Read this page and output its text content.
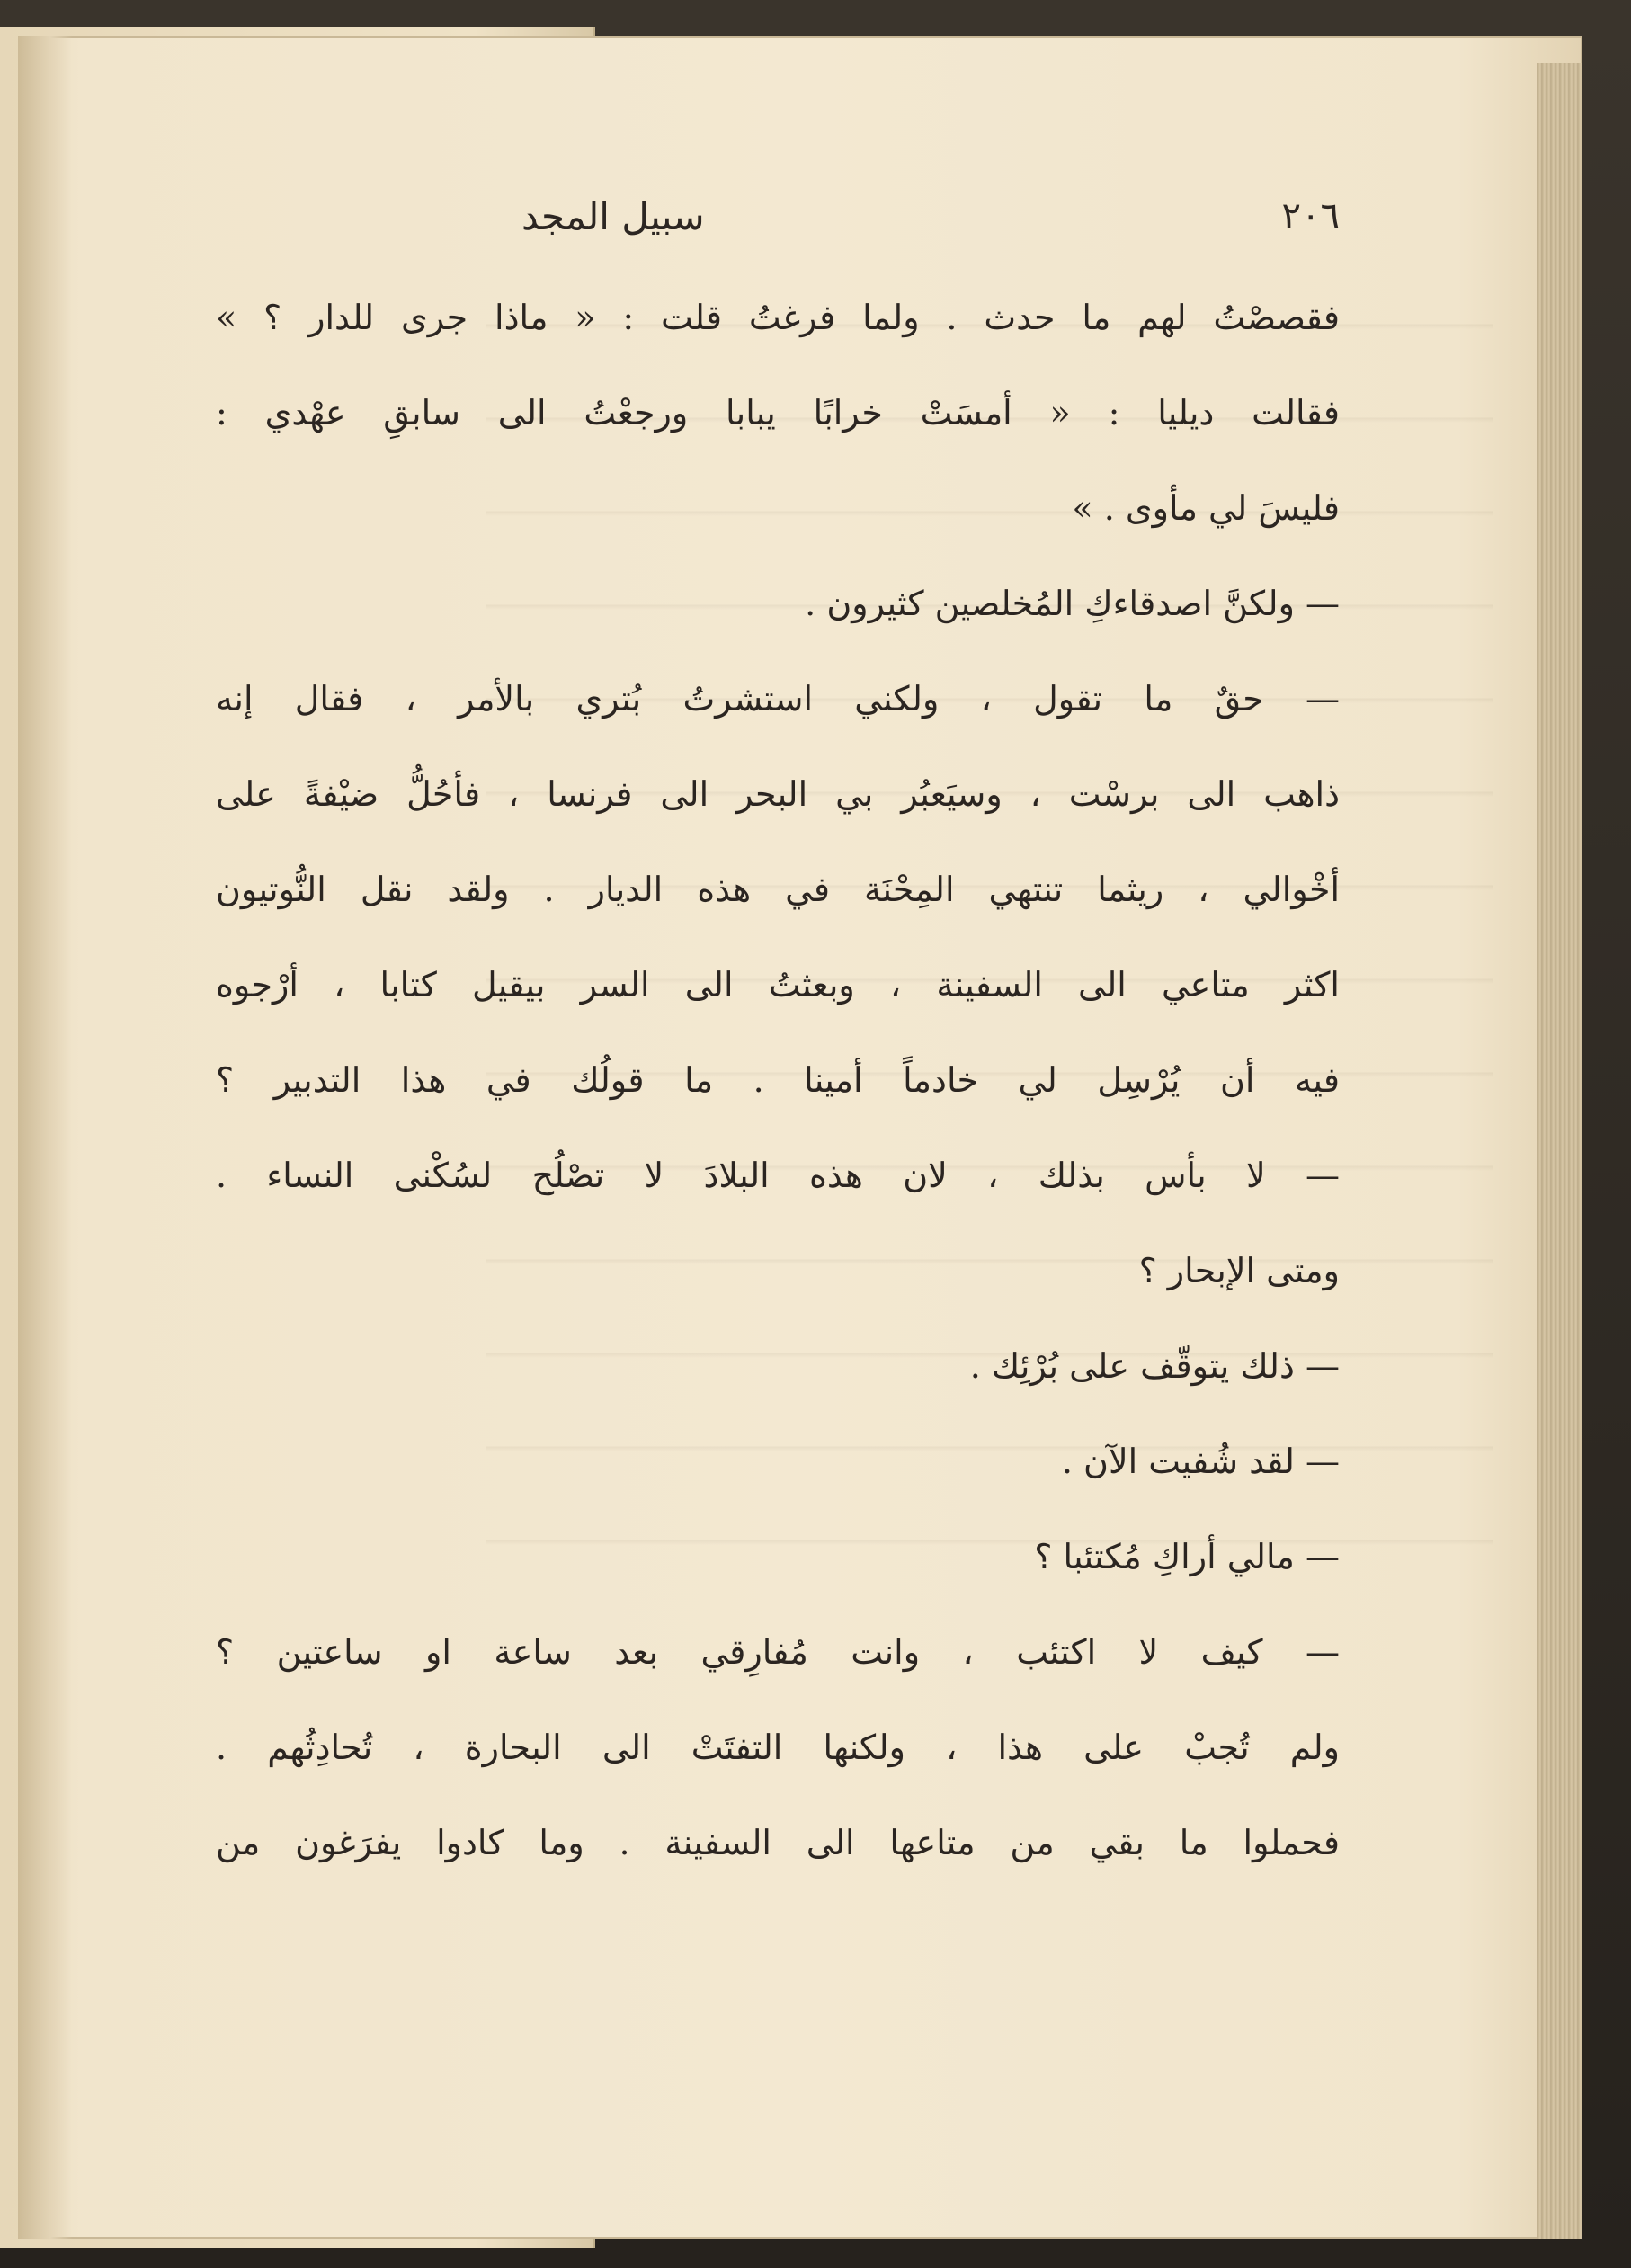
٢٠٦
سبيل المجد
فقصصْتُ لهم ما حدث . ولما فرغتُ قلت : « ماذا جرى للدار ؟ »
فقالت ديليا : « أمسَتْ خرابًا يبابا ورجعْتُ الى سابقِ عهْدي :
فليسَ لي مأوى . »
— ولكنَّ اصدقاءكِ المُخلصين كثيرون .
— حقٌ ما تقول ، ولكني استشرتُ بُتري بالأمر ، فقال إنه
ذاهب الى برسْت ، وسيَعبُر بي البحر الى فرنسا ، فأحُلُّ ضيْفةً على
أخْوالي ، ريثما تنتهي المِحْنَة في هذه الديار . ولقد نقل النُّوتيون
اكثر متاعي الى السفينة ، وبعثتُ الى السر بيقيل كتابا ، أرْجوه
فيه أن يُرْسِل لي خادماً أمينا . ما قولُك في هذا التدبير ؟
— لا بأس بذلك ، لان هذه البلادَ لا تصْلُح لسُكْنى النساء .
ومتى الإبحار ؟
— ذلك يتوقّف على بُرْئِك .
— لقد شُفيت الآن .
— مالي أراكِ مُكتئبا ؟
— كيف لا اكتئب ، وانت مُفارِقي بعد ساعة او ساعتين ؟
ولم تُجبْ على هذا ، ولكنها التفتَتْ الى البحارة ، تُحادِثُهم .
فحملوا ما بقي من متاعها الى السفينة . وما كادوا يفرَغون من
